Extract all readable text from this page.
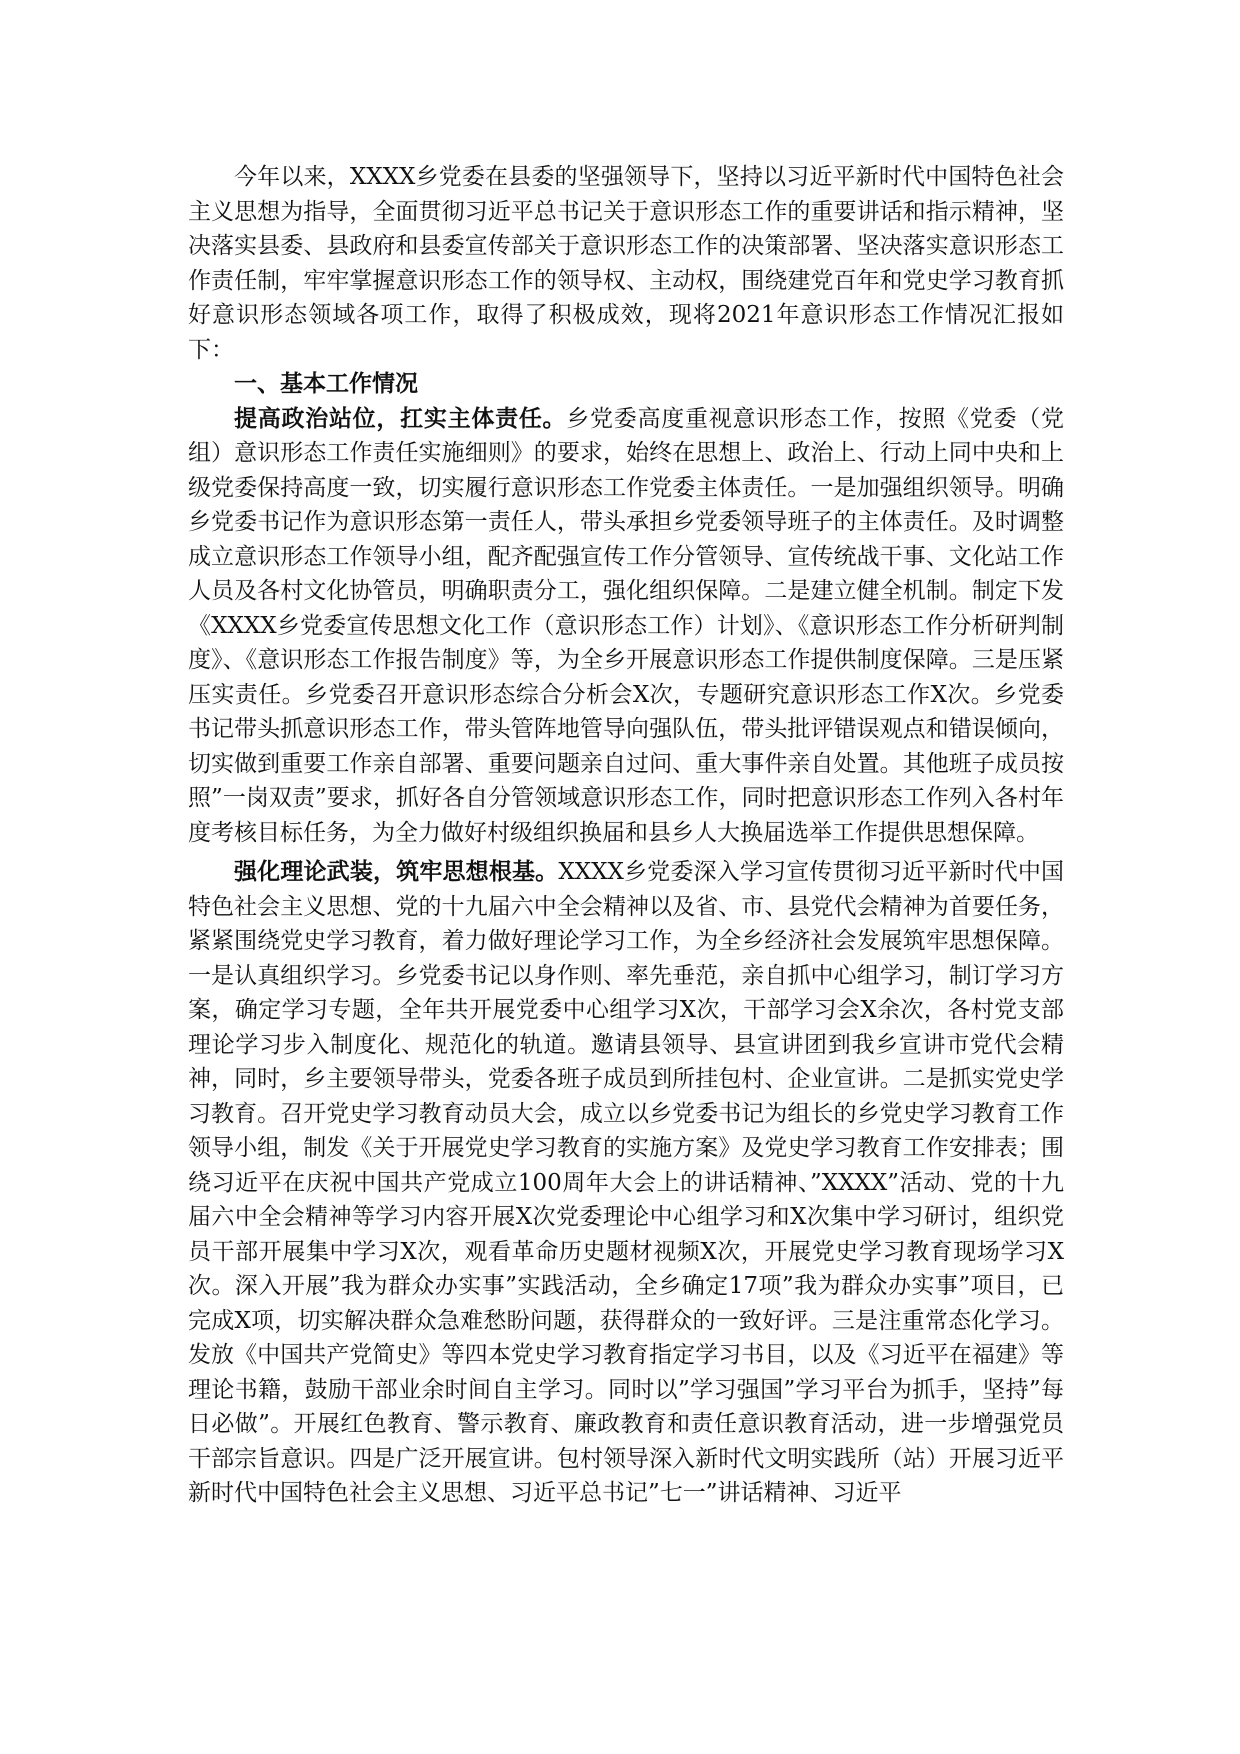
今年以来，XXXX乡党委在县委的坚强领导下，坚持以习近平新时代中国特色社会主义思想为指导，全面贯彻习近平总书记关于意识形态工作的重要讲话和指示精神，坚决落实县委、县政府和县委宣传部关于意识形态工作的决策部署、坚决落实意识形态工作责任制，牢牢掌握意识形态工作的领导权、主动权，围绕建党百年和党史学习教育抓好意识形态领域各项工作，取得了积极成效，现将2021年意识形态工作情况汇报如下：

一、基本工作情况

提高政治站位，扛实主体责任。乡党委高度重视意识形态工作，按照《党委（党组）意识形态工作责任实施细则》的要求，始终在思想上、政治上、行动上同中央和上级党委保持高度一致，切实履行意识形态工作党委主体责任。一是加强组织领导。明确乡党委书记作为意识形态第一责任人，带头承担乡党委领导班子的主体责任。及时调整成立意识形态工作领导小组，配齐配强宣传工作分管领导、宣传统战干事、文化站工作人员及各村文化协管员，明确职责分工，强化组织保障。二是建立健全机制。制定下发《XXXX乡党委宣传思想文化工作（意识形态工作）计划》、《意识形态工作分析研判制度》、《意识形态工作报告制度》等，为全乡开展意识形态工作提供制度保障。三是压紧压实责任。乡党委召开意识形态综合分析会X次，专题研究意识形态工作X次。乡党委书记带头抓意识形态工作，带头管阵地管导向强队伍，带头批评错误观点和错误倾向，切实做到重要工作亲自部署、重要问题亲自过问、重大事件亲自处置。其他班子成员按照”一岗双责”要求，抓好各自分管领域意识形态工作，同时把意识形态工作列入各村年度考核目标任务，为全力做好村级组织换届和县乡人大换届选举工作提供思想保障。

强化理论武装，筑牢思想根基。XXXX乡党委深入学习宣传贯彻习近平新时代中国特色社会主义思想、党的十九届六中全会精神以及省、市、县党代会精神为首要任务，紧紧围绕党史学习教育，着力做好理论学习工作，为全乡经济社会发展筑牢思想保障。一是认真组织学习。乡党委书记以身作则、率先垂范，亲自抓中心组学习，制订学习方案，确定学习专题，全年共开展党委中心组学习X次，干部学习会X余次，各村党支部理论学习步入制度化、规范化的轨道。邀请县领导、县宣讲团到我乡宣讲市党代会精神，同时，乡主要领导带头，党委各班子成员到所挂包村、企业宣讲。二是抓实党史学习教育。召开党史学习教育动员大会，成立以乡党委书记为组长的乡党史学习教育工作领导小组，制发《关于开展党史学习教育的实施方案》及党史学习教育工作安排表；围绕习近平在庆祝中国共产党成立100周年大会上的讲话精神、”XXXX”活动、党的十九届六中全会精神等学习内容开展X次党委理论中心组学习和X次集中学习研讨，组织党员干部开展集中学习X次，观看革命历史题材视频X次，开展党史学习教育现场学习X次。深入开展”我为群众办实事”实践活动，全乡确定17项”我为群众办实事”项目，已完成X项，切实解决群众急难愁盼问题，获得群众的一致好评。三是注重常态化学习。发放《中国共产党简史》等四本党史学习教育指定学习书目，以及《习近平在福建》等理论书籍，鼓励干部业余时间自主学习。同时以”学习强国”学习平台为抓手，坚持”每日必做”。开展红色教育、警示教育、廉政教育和责任意识教育活动，进一步增强党员干部宗旨意识。四是广泛开展宣讲。包村领导深入新时代文明实践所（站）开展习近平新时代中国特色社会主义思想、习近平总书记”七一”讲话精神、习近平
